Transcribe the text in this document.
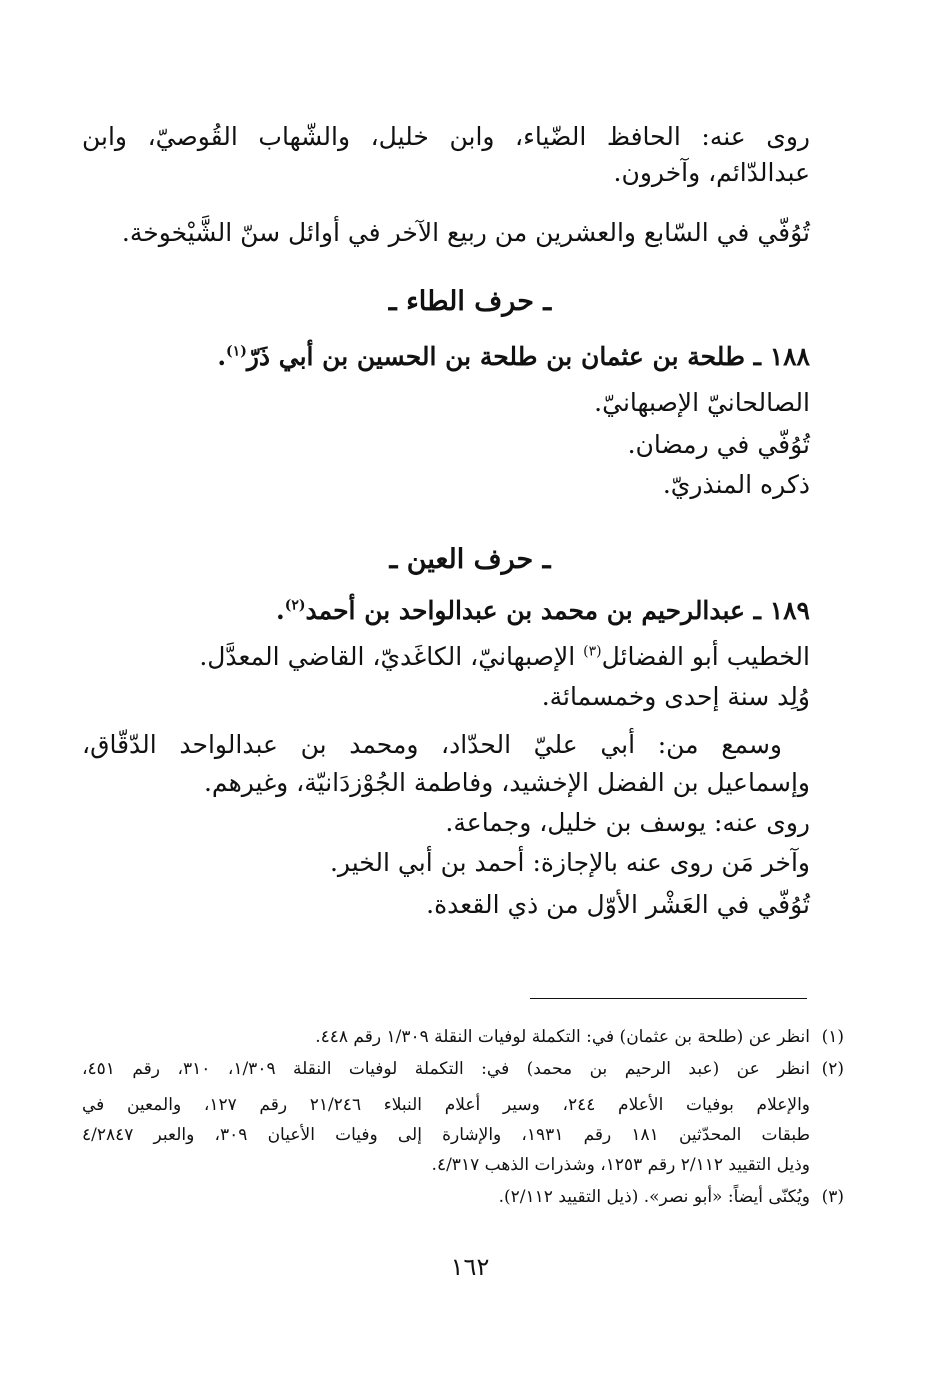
روى عنه: الحافظ الضّياء، وابن خليل، والشّهاب القُوصيّ، وابن
عبدالدّائم، وآخرون.
تُوُفّي في السّابع والعشرين من ربيع الآخر في أوائل سنّ الشَّيْخوخة.
ـ حرف الطاء ـ
١٨٨ ـ طلحة بن عثمان بن طلحة بن الحسين بن أبي ذَرّ$^{(١)}$.
الصالحانيّ الإصبهانيّ.
تُوُفّي في رمضان.
ذكره المنذريّ.
ـ حرف العين ـ
١٨٩ ـ عبدالرحيم بن محمد بن عبدالواحد بن أحمد$^{(٢)}$.
الخطيب أبو الفضائل$^{(٣)}$ الإصبهانيّ، الكاغَديّ، القاضي المعدَّل.
وُلِد سنة إحدى وخمسمائة.
وسمع من: أبي عليّ الحدّاد، ومحمد بن عبدالواحد الدّقّاق،
وإسماعيل بن الفضل الإخشيد، وفاطمة الجُوْزدَانيّة، وغيرهم.
روى عنه: يوسف بن خليل، وجماعة.
وآخر مَن روى عنه بالإجازة: أحمد بن أبي الخير.
تُوُفّي في العَشْر الأوّل من ذي القعدة.
(١)
انظر عن (طلحة بن عثمان) في: التكملة لوفيات النقلة ١/٣٠٩ رقم ٤٤٨.
(٢)
انظر عن (عبد الرحيم بن محمد) في: التكملة لوفيات النقلة ١/٣٠٩، ٣١٠، رقم ٤٥١،
والإعلام بوفيات الأعلام ٢٤٤، وسير أعلام النبلاء ٢١/٢٤٦ رقم ١٢٧، والمعين في
طبقات المحدّثين ١٨١ رقم ١٩٣١، والإشارة إلى وفيات الأعيان ٣٠٩، والعبر ٤/٢٨٤٧
وذيل التقييد ٢/١١٢ رقم ١٢٥٣، وشذرات الذهب ٤/٣١٧.
(٣)
ويُكنّى أيضاً: «أبو نصر». (ذيل التقييد ٢/١١٢).
١٦٢
